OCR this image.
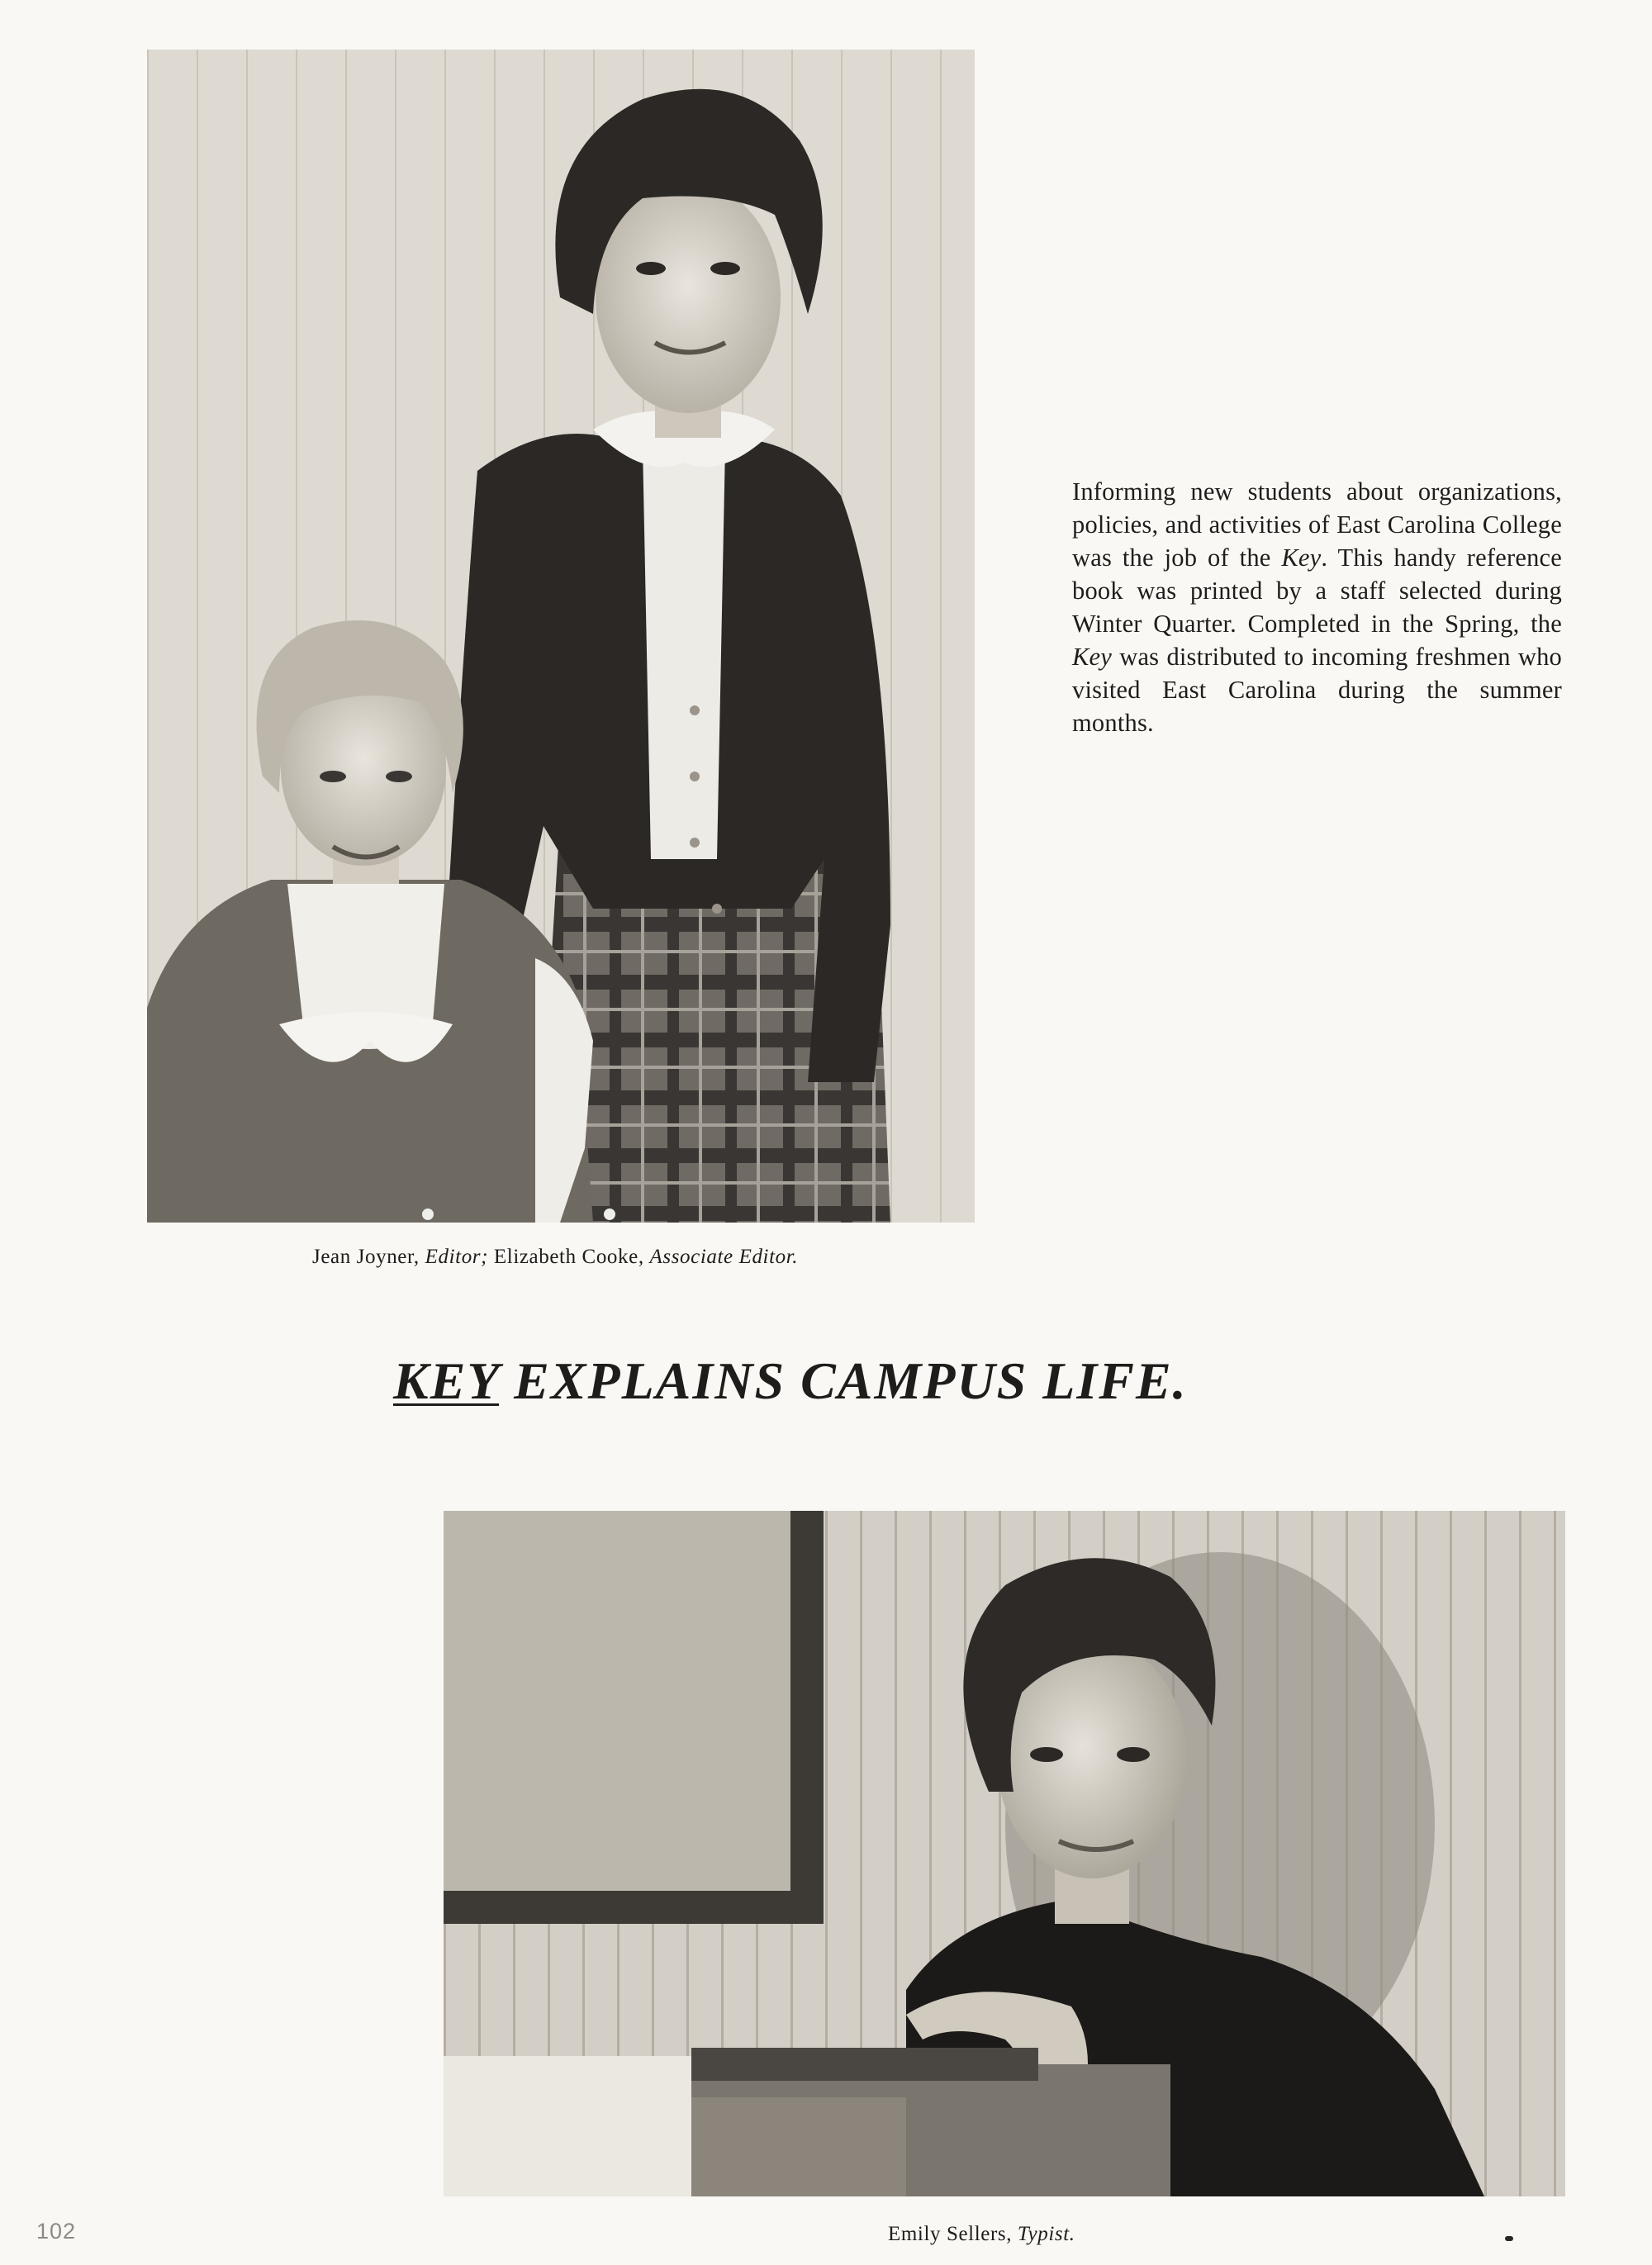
Informing new students about organizations, policies, and activities of East Carolina College was the job of the Key. This handy reference book was printed by a staff selected during Winter Quarter. Completed in the Spring, the Key was distributed to incoming freshmen who visited East Carolina during the summer months.
Jean Joyner, Editor; Elizabeth Cooke, Associate Editor.
KEY EXPLAINS CAMPUS LIFE.
Emily Sellers, Typist.
102
